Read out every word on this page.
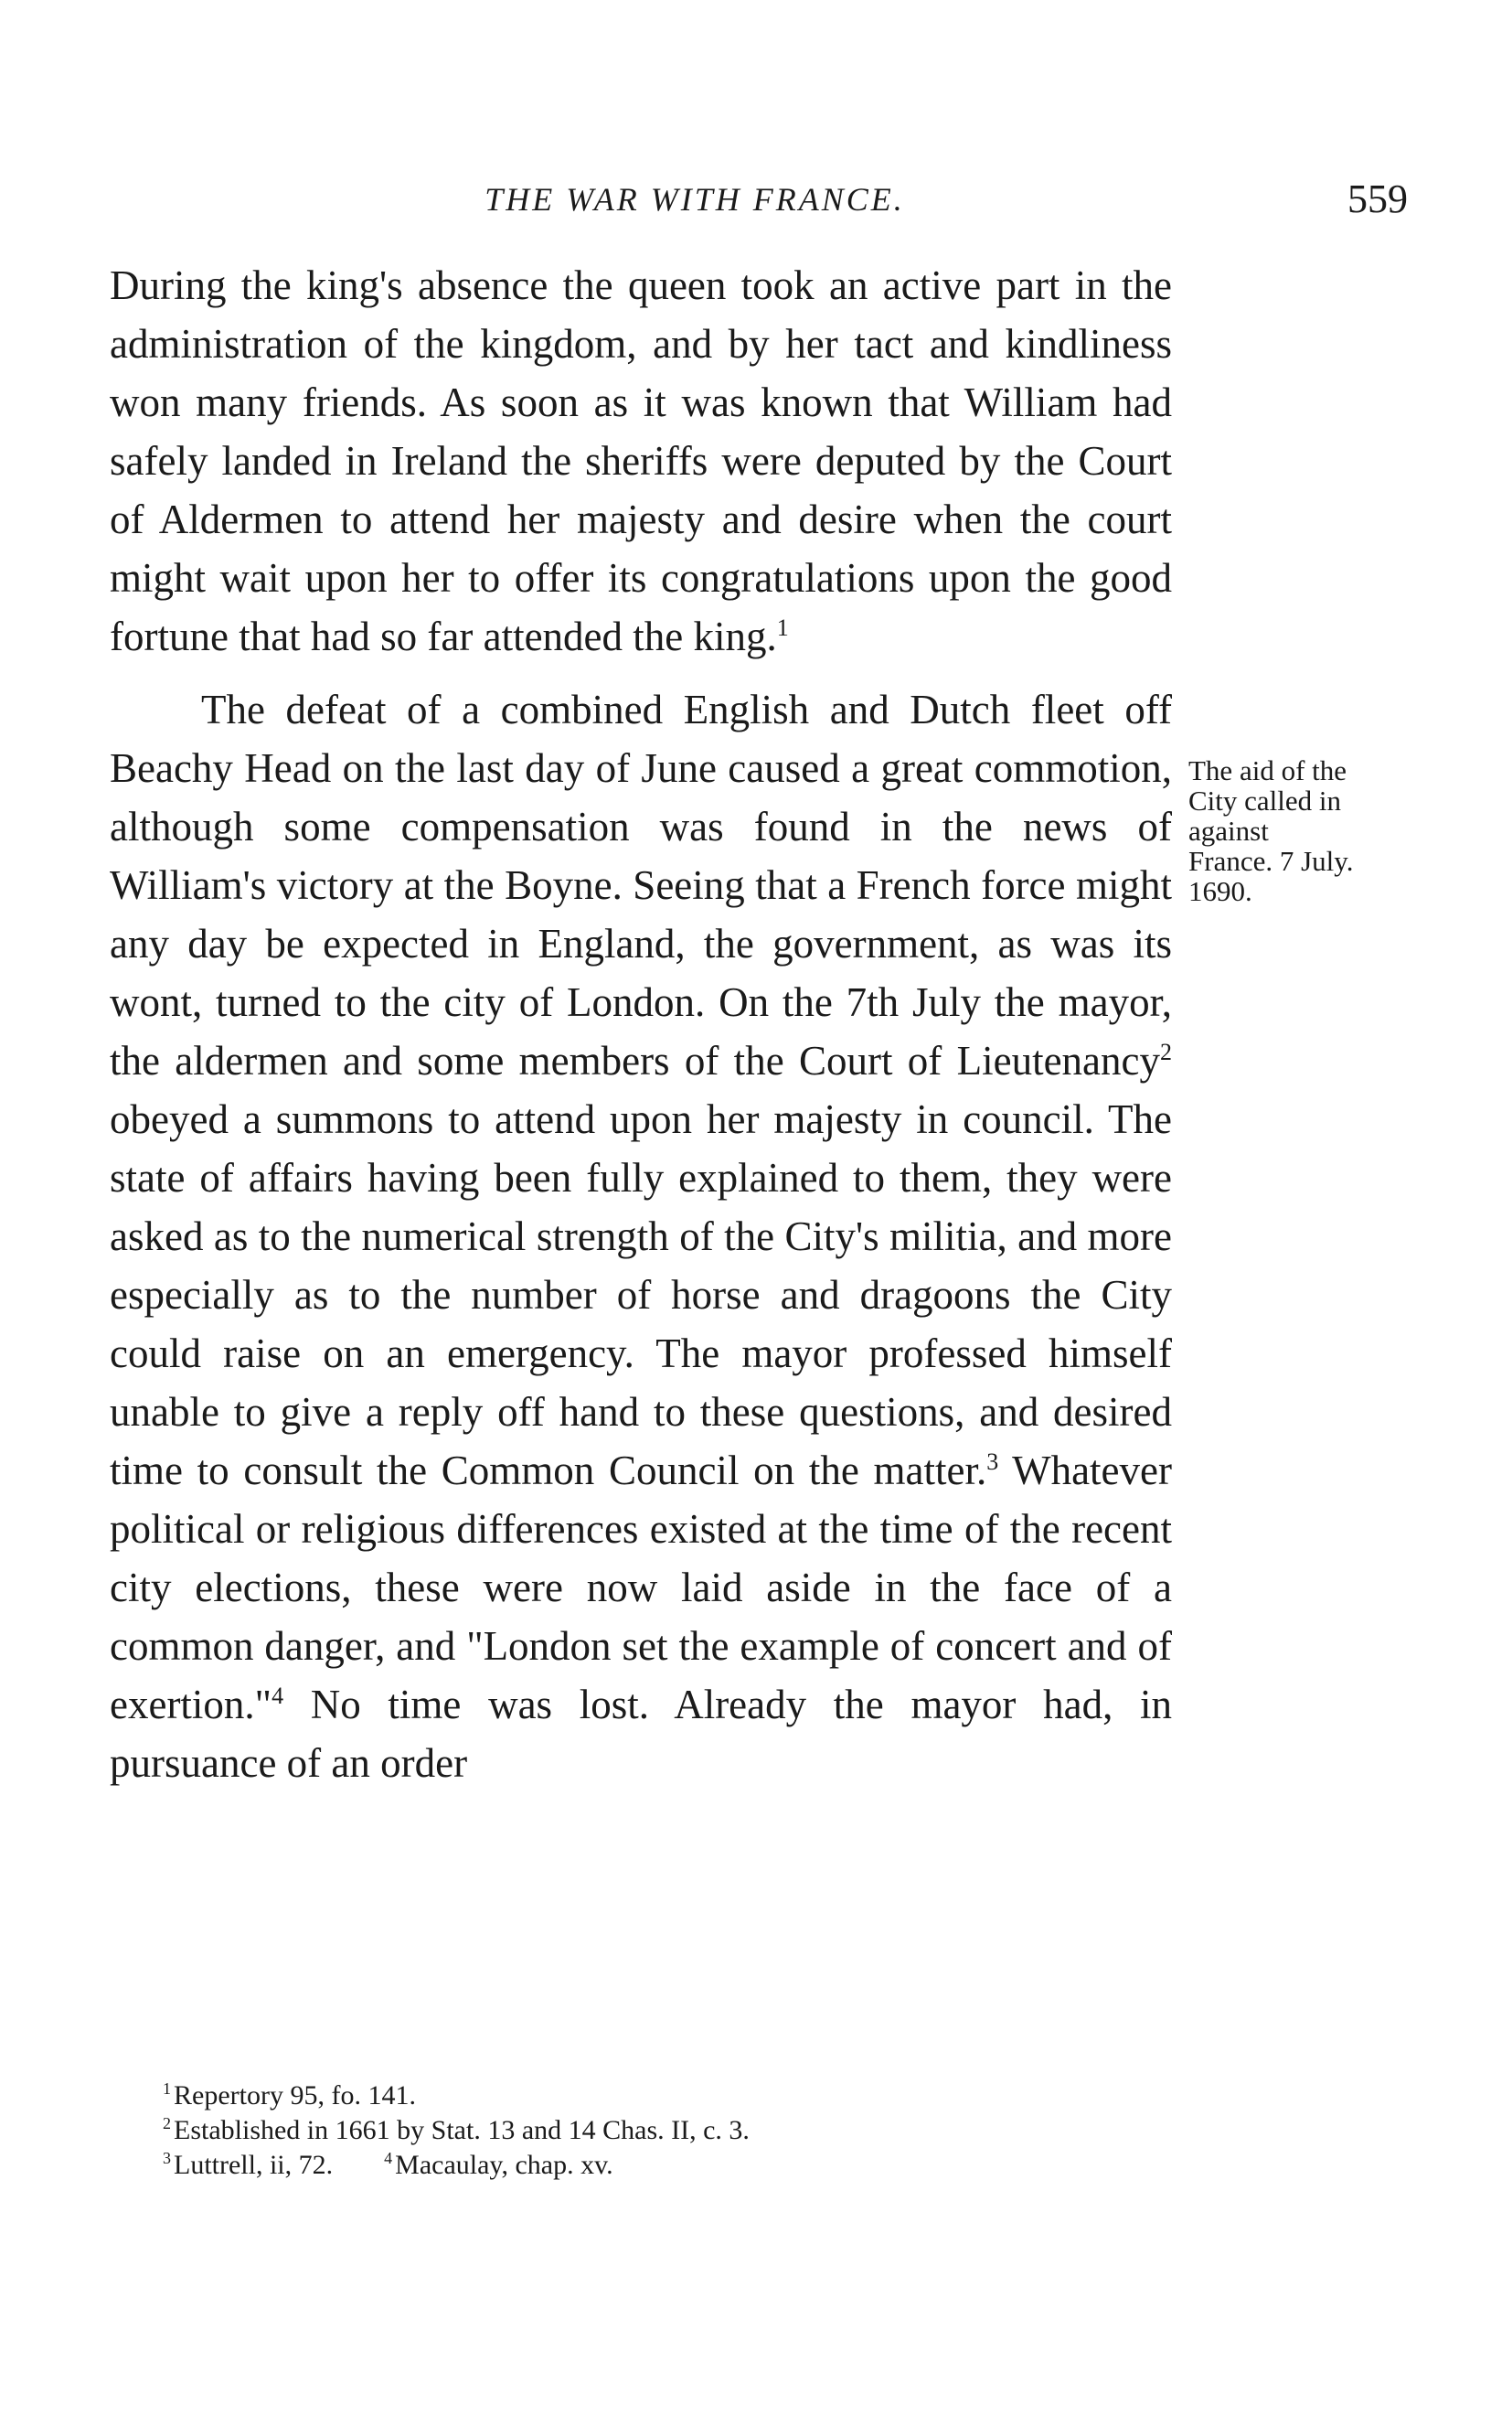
THE WAR WITH FRANCE.	559

During the king's absence the queen took an active part in the administration of the kingdom, and by her tact and kindliness won many friends. As soon as it was known that William had safely landed in Ireland the sheriffs were deputed by the Court of Aldermen to attend her majesty and desire when the court might wait upon her to offer its congratulations upon the good fortune that had so far attended the king.$^1$

The defeat of a combined English and Dutch fleet off Beachy Head on the last day of June caused a great commotion, although some compensation was found in the news of William's victory at the Boyne. Seeing that a French force might any day be expected in England, the government, as was its wont, turned to the city of London. On the 7th July the mayor, the aldermen and some members of the Court of Lieutenancy$^2$ obeyed a summons to attend upon her majesty in council. The state of affairs having been fully explained to them, they were asked as to the numerical strength of the City's militia, and more especially as to the number of horse and dragoons the City could raise on an emergency. The mayor professed himself unable to give a reply off hand to these questions, and desired time to consult the Common Council on the matter.$^3$ Whatever political or religious differences existed at the time of the recent city elections, these were now laid aside in the face of a common danger, and "London set the example of concert and of exertion."$^4$ No time was lost. Already the mayor had, in pursuance of an order

The aid of the
City called in
against
France. 7 July.
1690.
$^1$ Repertory 95, fo. 141.
$^2$ Established in 1661 by Stat. 13 and 14 Chas. II, c. 3.
$^3$ Luttrell, ii, 72.	$^4$ Macaulay, chap. xv.
